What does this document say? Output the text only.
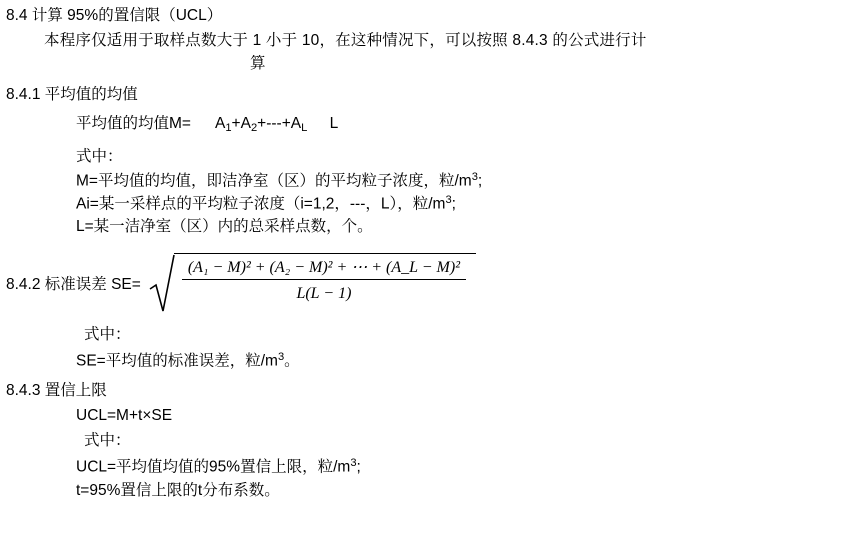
8.4 计算 95%的置信限（UCL）
本程序仅适用于取样点数大于 1 小于 10，在这种情况下，可以按照 8.4.3 的公式进行计
算
8.4.1 平均值的均值
平均值的均值M=	$A_1+A_2+---+A_L$ L
式中：
M=平均值的均值，即洁净室（区）的平均粒子浓度，粒$/m^3$;
Ai=某一采样点的平均粒子浓度（i=1,2，---，L），粒$/m^3$;
L=某一洁净室（区）内的总采样点数，个。
8.4.2 标准误差 SE=
(A₁ − M)² + (A₂ − M)² + ⋯ + (A_L − M)²
L(L − 1)
式中：
SE=平均值的标准误差，粒$/m^3$。
8.4.3 置信上限
UCL=M+t×SE
式中：
UCL=平均值均值的95%置信上限，粒$/m^3$;
t=95%置信上限的t分布系数。
